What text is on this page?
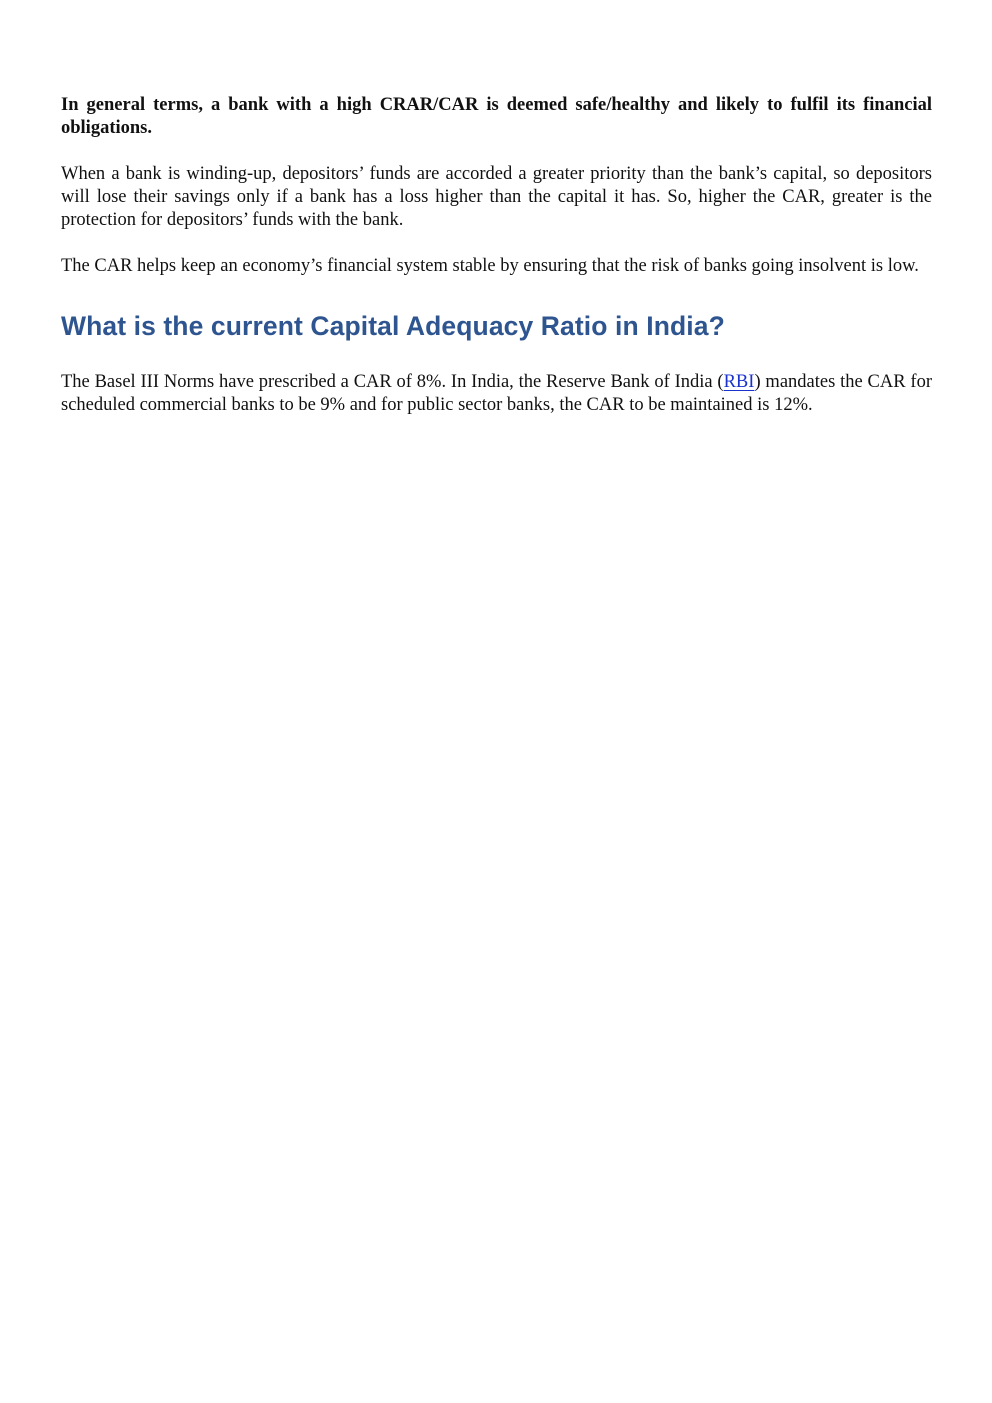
In general terms, a bank with a high CRAR/CAR is deemed safe/healthy and likely to fulfil its financial obligations.

When a bank is winding-up, depositors’ funds are accorded a greater priority than the bank’s capital, so depositors will lose their savings only if a bank has a loss higher than the capital it has. So, higher the CAR, greater is the protection for depositors’ funds with the bank.

The CAR helps keep an economy’s financial system stable by ensuring that the risk of banks going insolvent is low.

What is the current Capital Adequacy Ratio in India?

The Basel III Norms have prescribed a CAR of 8%. In India, the Reserve Bank of India (RBI) mandates the CAR for scheduled commercial banks to be 9% and for public sector banks, the CAR to be maintained is 12%.
